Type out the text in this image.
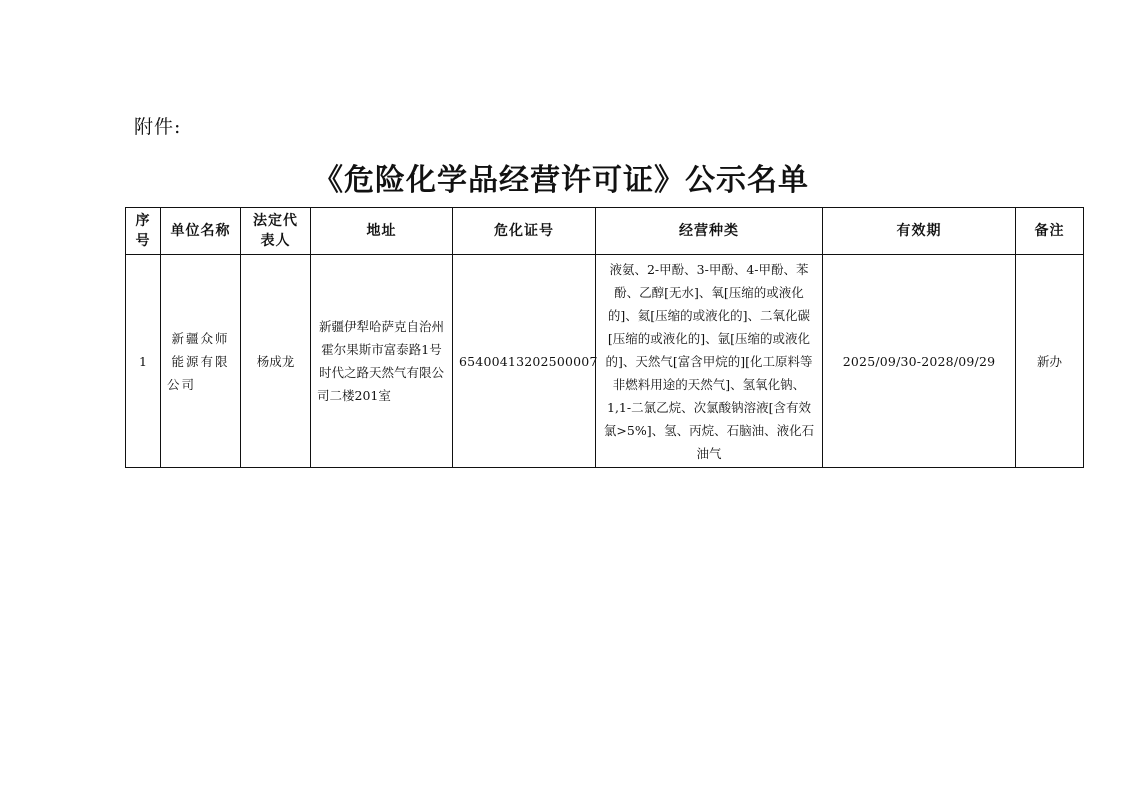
附件:
《危险化学品经营许可证》公示名单
序号	单位名称	法定代表人	地址	危化证号	经营种类	有效期	备注
1	新疆众师能源有限公司	杨成龙	新疆伊犁哈萨克自治州霍尔果斯市富泰路1号时代之路天然气有限公司二楼201室	65400413202500007	液氨、2-甲酚、3-甲酚、4-甲酚、苯酚、乙醇[无水]、氧[压缩的或液化的]、氦[压缩的或液化的]、二氧化碳[压缩的或液化的]、氩[压缩的或液化的]、天然气[富含甲烷的][化工原料等非燃料用途的天然气]、氢氧化钠、1,1-二氯乙烷、次氯酸钠溶液[含有效氯>5%]、氢、丙烷、石脑油、液化石油气	2025/09/30-2028/09/29	新办
